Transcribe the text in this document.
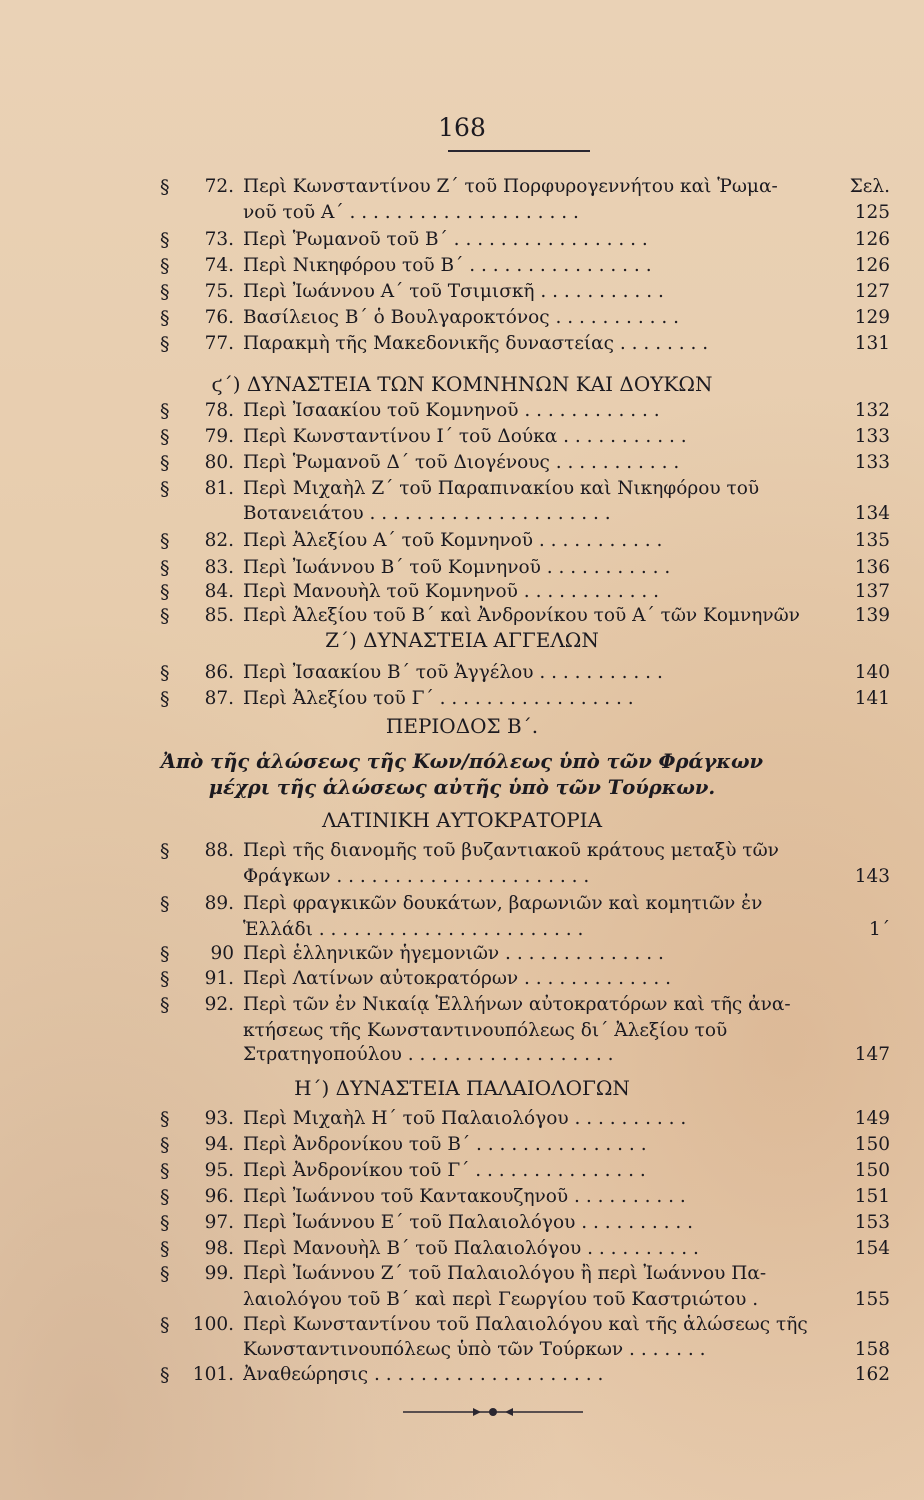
168
§	72. Περὶ Κωνσταντίνου Ζ΄ τοῦ Πορφυρογεννήτου καὶ Ῥωμα-
νοῦ τοῦ Α΄ . . . . . . . . . . . . . . . . . . . .	125
§	73. Περὶ Ῥωμανοῦ τοῦ Β΄ . . . . . . . . . . . . . . . . .	126
§	74. Περὶ Νικηφόρου τοῦ Β΄ . . . . . . . . . . . . . . . .	126
§	75. Περὶ Ἰωάννου Α΄ τοῦ Τσιμισκῆ . . . . . . . . . . .	127
§	76. Βασίλειος Β΄ ὁ Βουλγαροκτόνος . . . . . . . . . . .	129
§	77. Παρακμὴ τῆς Μακεδονικῆς δυναστείας . . . . . . . .	131
§	78. Περὶ Ἰσαακίου τοῦ Κομνηνοῦ . . . . . . . . . . . .	132
§	79. Περὶ Κωνσταντίνου Ι΄ τοῦ Δούκα . . . . . . . . . . .	133
§	80. Περὶ Ῥωμανοῦ Δ΄ τοῦ Διογένους . . . . . . . . . . .	133
§	81. Περὶ Μιχαὴλ Ζ΄ τοῦ Παραπινακίου καὶ Νικηφόρου τοῦ
Βοτανειάτου . . . . . . . . . . . . . . . . . . . . .	134
§	82. Περὶ Ἀλεξίου Α΄ τοῦ Κομνηνοῦ . . . . . . . . . . .	135
§	83. Περὶ Ἰωάννου Β΄ τοῦ Κομνηνοῦ . . . . . . . . . . .	136
§	84. Περὶ Μανουὴλ τοῦ Κομνηνοῦ . . . . . . . . . . . .	137
§	85. Περὶ Ἀλεξίου τοῦ Β΄ καὶ Ἀνδρονίκου τοῦ Α΄ τῶν Κομνηνῶν	139
§	86. Περὶ Ἰσαακίου Β΄ τοῦ Ἀγγέλου . . . . . . . . . . .	140
§	87. Περὶ Ἀλεξίου τοῦ Γ΄ . . . . . . . . . . . . . . . . .	141
§	88. Περὶ τῆς διανομῆς τοῦ βυζαντιακοῦ κράτους μεταξὺ τῶν
Φράγκων . . . . . . . . . . . . . . . . . . . . . .	143
§	89. Περὶ φραγκικῶν δουκάτων, βαρωνιῶν καὶ κομητιῶν ἐν
Ἑλλάδι . . . . . . . . . . . . . . . . . . . . . . .	1΄
§	90 Περὶ ἑλληνικῶν ἡγεμονιῶν . . . . . . . . . . . . . .
§	91. Περὶ Λατίνων αὐτοκρατόρων . . . . . . . . . . . . .
§	92. Περὶ τῶν ἐν Νικαίᾳ Ἑλλήνων αὐτοκρατόρων καὶ τῆς ἀνα-
κτήσεως τῆς Κωνσταντινουπόλεως δι΄ Ἀλεξίου τοῦ
Στρατηγοπούλου . . . . . . . . . . . . . . . . . .	147
§	93. Περὶ Μιχαὴλ Η΄ τοῦ Παλαιολόγου . . . . . . . . . .	149
§	94. Περὶ Ἀνδρονίκου τοῦ Β΄ . . . . . . . . . . . . . . .	150
§	95. Περὶ Ἀνδρονίκου τοῦ Γ΄ . . . . . . . . . . . . . . .	150
§	96. Περὶ Ἰωάννου τοῦ Καντακουζηνοῦ . . . . . . . . . .	151
§	97. Περὶ Ἰωάννου Ε΄ τοῦ Παλαιολόγου . . . . . . . . . .	153
§	98. Περὶ Μανουὴλ Β΄ τοῦ Παλαιολόγου . . . . . . . . . .	154
§	99. Περὶ Ἰωάννου Ζ΄ τοῦ Παλαιολόγου ἢ περὶ Ἰωάννου Πα-
λαιολόγου τοῦ Β΄ καὶ περὶ Γεωργίου τοῦ Καστριώτου .	155
§	100. Περὶ Κωνσταντίνου τοῦ Παλαιολόγου καὶ τῆς ἁλώσεως τῆς
Κωνσταντινουπόλεως ὑπὸ τῶν Τούρκων . . . . . . .	158
§	101. Ἀναθεώρησις . . . . . . . . . . . . . . . . . . . .	162
Σελ.
ϛ΄) ΔΥΝΑΣΤΕΙΑ ΤΩΝ ΚΟΜΝΗΝΩΝ ΚΑΙ ΔΟΥΚΩΝ
Ζ΄) ΔΥΝΑΣΤΕΙΑ ΑΓΓΕΛΩΝ
ΠΕΡΙΟΔΟΣ Β΄.
Ἀπὸ τῆς ἁλώσεως τῆς Κων/πόλεως ὑπὸ τῶν Φράγκων
μέχρι τῆς ἁλώσεως αὐτῆς ὑπὸ τῶν Τούρκων.
ΛΑΤΙΝΙΚΗ ΑΥΤΟΚΡΑΤΟΡΙΑ
Η΄) ΔΥΝΑΣΤΕΙΑ ΠΑΛΑΙΟΛΟΓΩΝ
